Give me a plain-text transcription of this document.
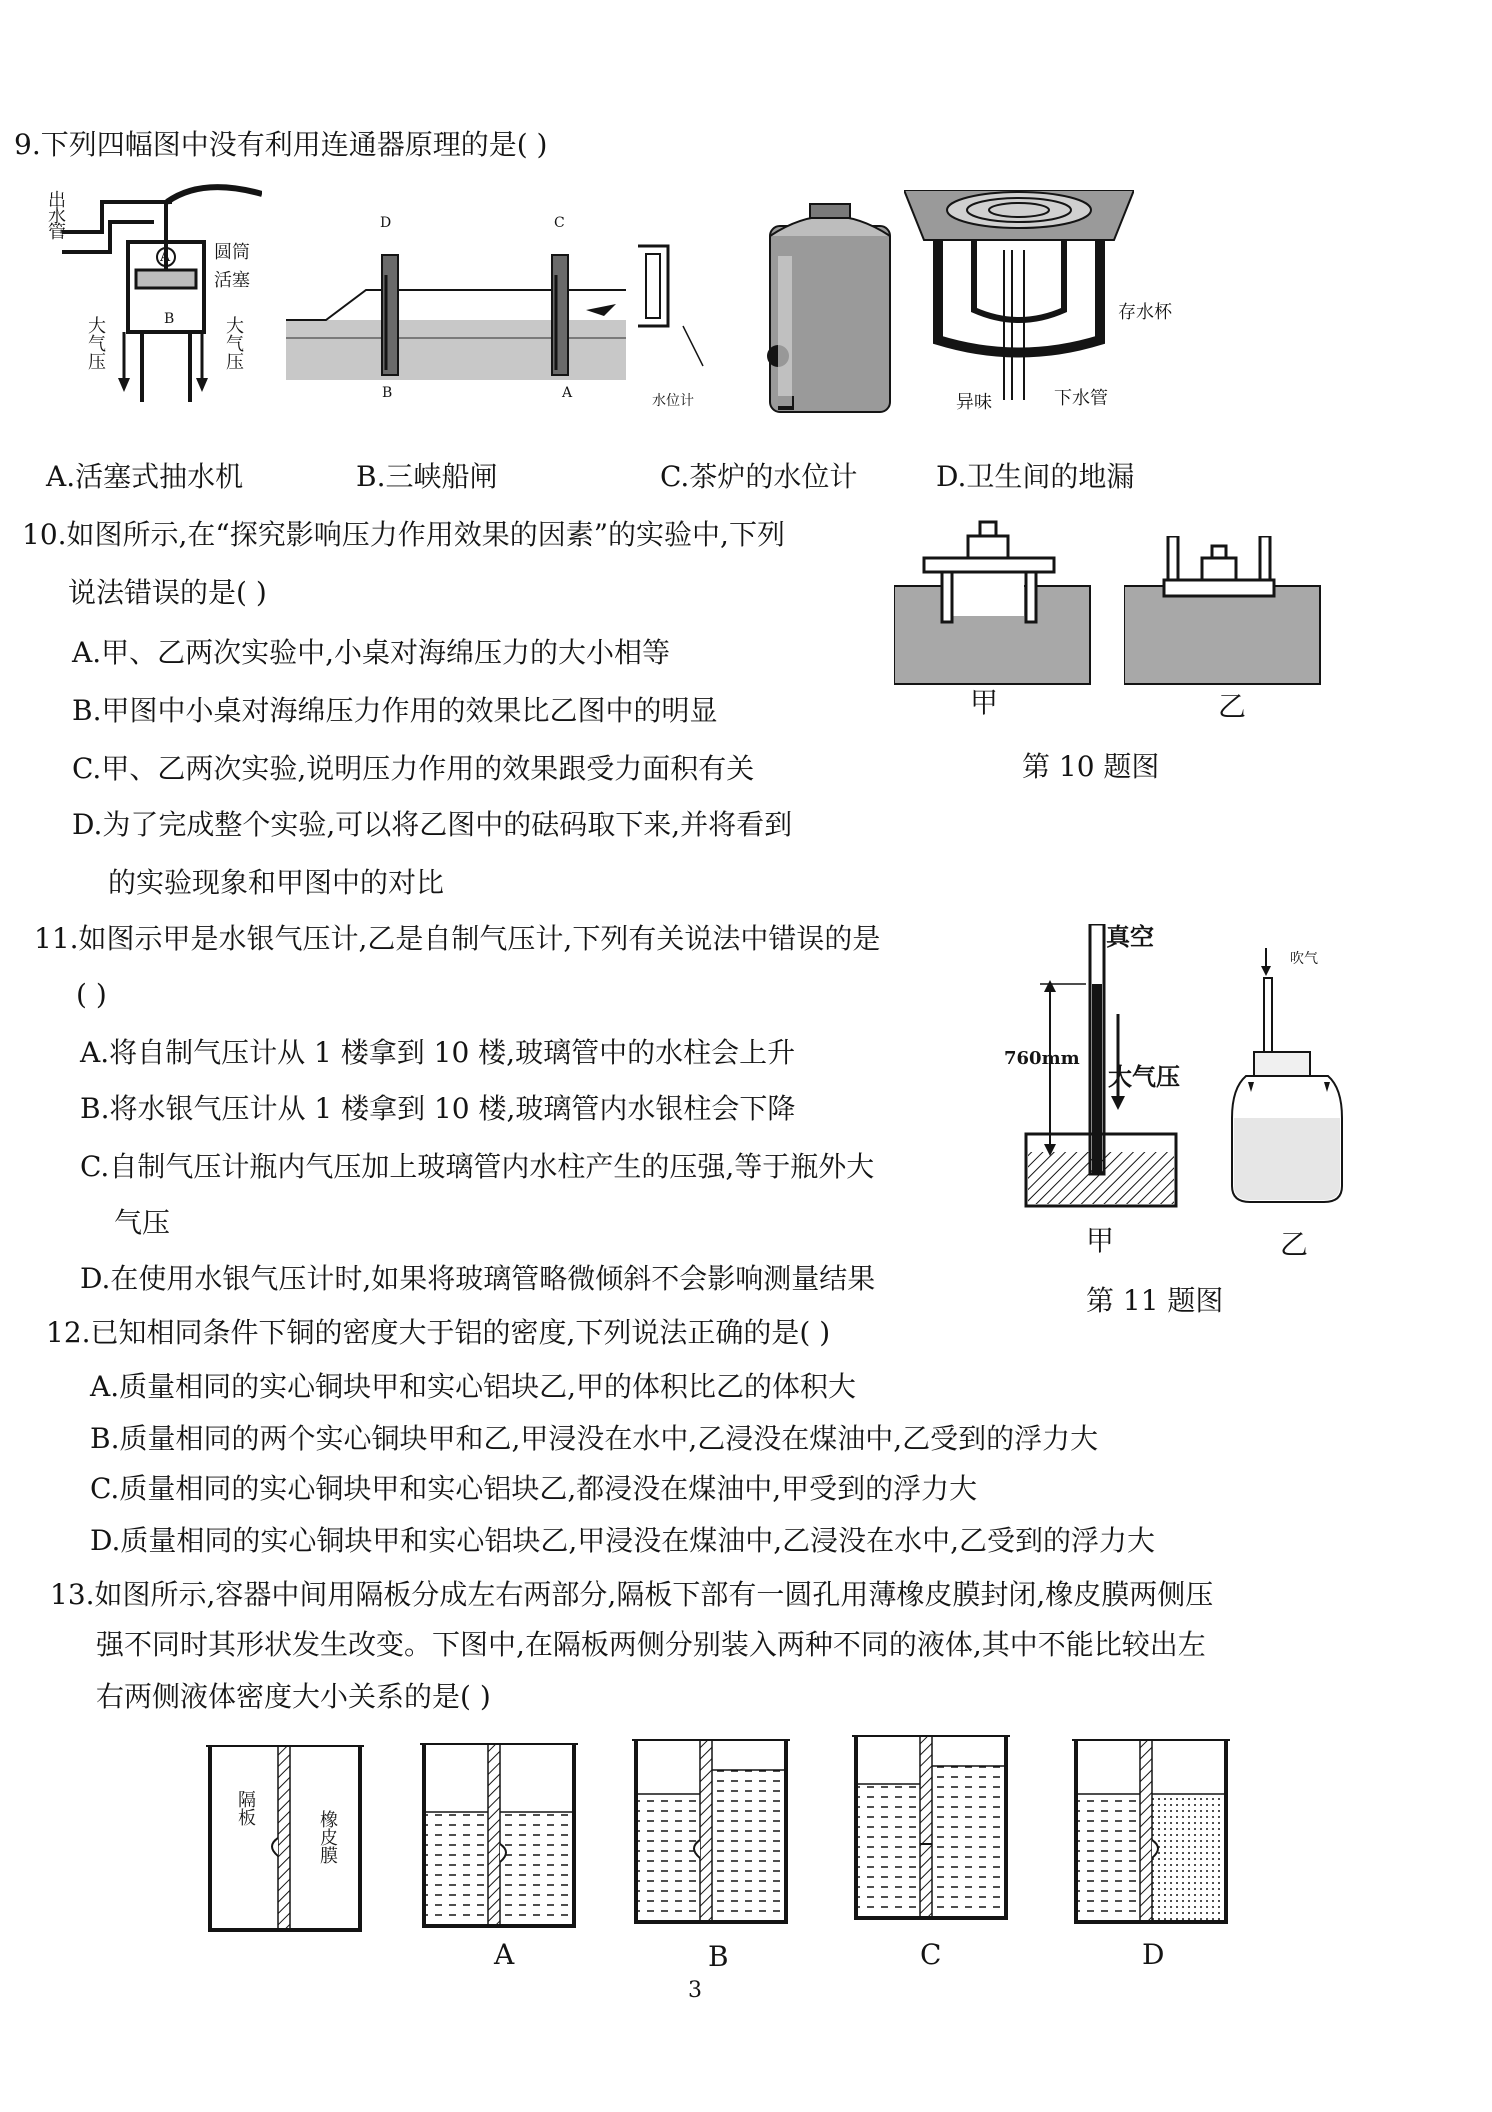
9.下列四幅图中没有利用连通器原理的是( )
出水管
A
B
圆筒
活塞
大气压	大气压
D	C
B	A	水位计
存水杯
异味	下水管
A.活塞式抽水机	B.三峡船闸	C.茶炉的水位计	D.卫生间的地漏
10.如图所示,在“探究影响压力作用效果的因素”的实验中,下列
说法错误的是( )
A.甲、乙两次实验中,小桌对海绵压力的大小相等
B.甲图中小桌对海绵压力作用的效果比乙图中的明显
C.甲、乙两次实验,说明压力作用的效果跟受力面积有关
D.为了完成整个实验,可以将乙图中的砝码取下来,并将看到
的实验现象和甲图中的对比
甲	乙
第 10 题图
11.如图示甲是水银气压计,乙是自制气压计,下列有关说法中错误的是
( )
A.将自制气压计从 1 楼拿到 10 楼,玻璃管中的水柱会上升
B.将水银气压计从 1 楼拿到 10 楼,玻璃管内水银柱会下降
C.自制气压计瓶内气压加上玻璃管内水柱产生的压强,等于瓶外大
气压
D.在使用水银气压计时,如果将玻璃管略微倾斜不会影响测量结果
真空
760mm
大气压
吹气
甲	乙
第 11 题图
12.已知相同条件下铜的密度大于铝的密度,下列说法正确的是( )
A.质量相同的实心铜块甲和实心铝块乙,甲的体积比乙的体积大
B.质量相同的两个实心铜块甲和乙,甲浸没在水中,乙浸没在煤油中,乙受到的浮力大
C.质量相同的实心铜块甲和实心铝块乙,都浸没在煤油中,甲受到的浮力大
D.质量相同的实心铜块甲和实心铝块乙,甲浸没在煤油中,乙浸没在水中,乙受到的浮力大
13.如图所示,容器中间用隔板分成左右两部分,隔板下部有一圆孔用薄橡皮膜封闭,橡皮膜两侧压
强不同时其形状发生改变。下图中,在隔板两侧分别装入两种不同的液体,其中不能比较出左
右两侧液体密度大小关系的是( )
隔板
橡皮膜
A	B	C	D
3
